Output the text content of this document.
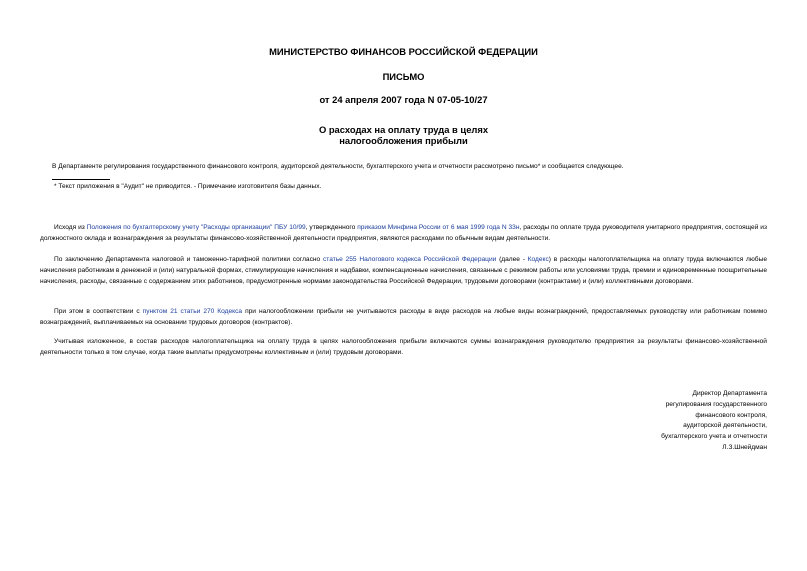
МИНИСТЕРСТВО ФИНАНСОВ РОССИЙСКОЙ ФЕДЕРАЦИИ
ПИСЬМО
от 24 апреля 2007 года N 07-05-10/27
О расходах на оплату труда в целях
налогообложения прибыли
В Департаменте регулирования государственного финансового контроля, аудиторской деятельности, бухгалтерского учета и отчетности рассмотрено письмо* и сообщается следующее.
* Текст приложения в "Аудит" не приводится. - Примечание изготовителя базы данных.
Исходя из Положения по бухгалтерскому учету "Расходы организации" ПБУ 10/99, утвержденного приказом Минфина России от 6 мая 1999 года N 33н, расходы по оплате труда руководителя унитарного предприятия, состоящей из должностного оклада и вознаграждения за результаты финансово-хозяйственной деятельности предприятия, являются расходами по обычным видам деятельности.
По заключению Департамента налоговой и таможенно-тарифной политики согласно статье 255 Налогового кодекса Российской Федерации (далее - Кодекс) в расходы налогоплательщика на оплату труда включаются любые начисления работникам в денежной и (или) натуральной формах, стимулирующие начисления и надбавки, компенсационные начисления, связанные с режимом работы или условиями труда, премии и единовременные поощрительные начисления, расходы, связанные с содержанием этих работников, предусмотренные нормами законодательства Российской Федерации, трудовыми договорами (контрактами) и (или) коллективными договорами.
При этом в соответствии с пунктом 21 статьи 270 Кодекса при налогообложении прибыли не учитываются расходы в виде расходов на любые виды вознаграждений, предоставляемых руководству или работникам помимо вознаграждений, выплачиваемых на основании трудовых договоров (контрактов).
Учитывая изложенное, в состав расходов налогоплательщика на оплату труда в целях налогообложения прибыли включаются суммы вознаграждения руководителю предприятия за результаты финансово-хозяйственной деятельности только в том случае, когда такие выплаты предусмотрены коллективным и (или) трудовым договорами.
Директор Департамента
регулирования государственного
финансового контроля,
аудиторской деятельности,
бухгалтерского учета и отчетности
Л.З.Шнейдман
